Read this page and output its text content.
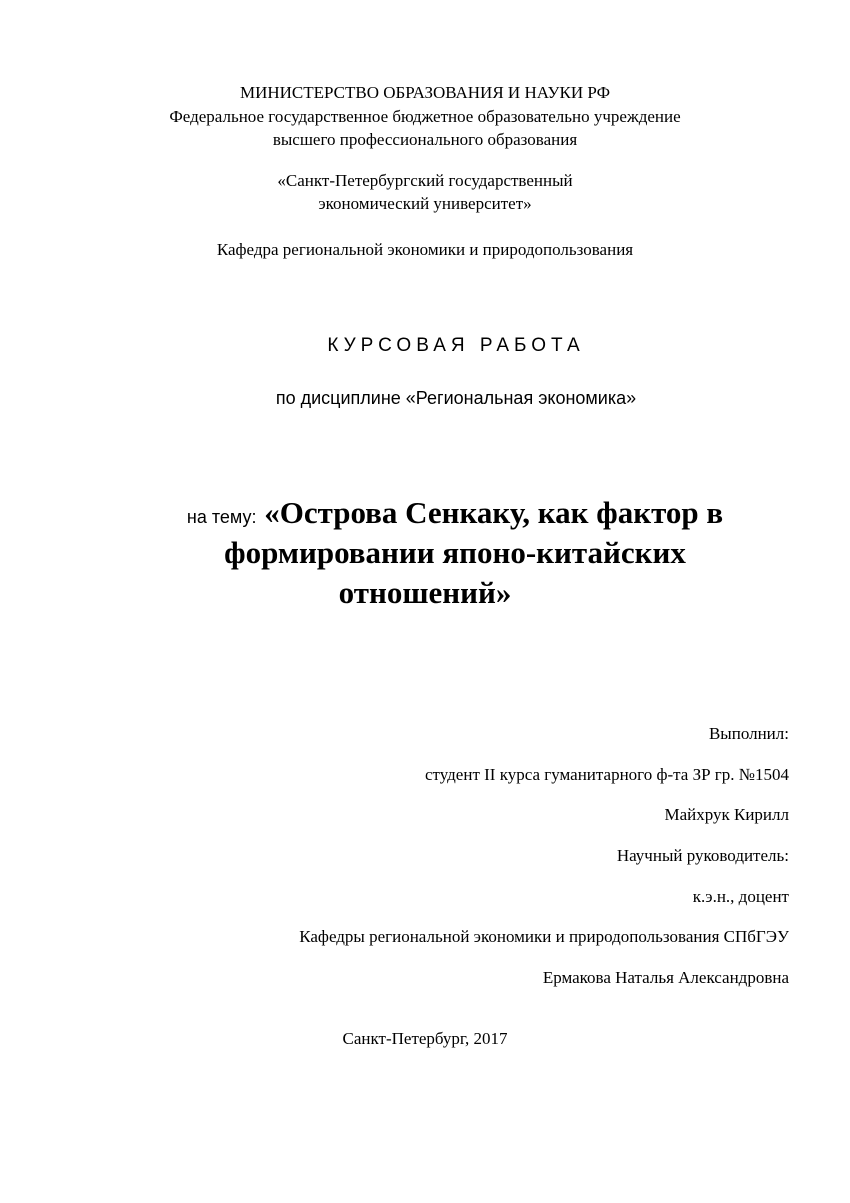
МИНИСТЕРСТВО ОБРАЗОВАНИЯ И НАУКИ РФ
Федеральное государственное бюджетное образовательно учреждение
высшего профессионального образования
«Санкт-Петербургский государственный
экономический университет»
Кафедра региональной экономики и природопользования
КУРСОВАЯ РАБОТА
по дисциплине «Региональная экономика»
на тему: «Острова Сенкаку, как фактор в
формировании японо-китайских
отношений»
Выполнил:
студент II курса гуманитарного ф-та ЗР гр. №1504
Майхрук Кирилл
Научный руководитель:
к.э.н., доцент
Кафедры региональной экономики и природопользования СПбГЭУ
Ермакова Наталья Александровна
Санкт-Петербург, 2017
